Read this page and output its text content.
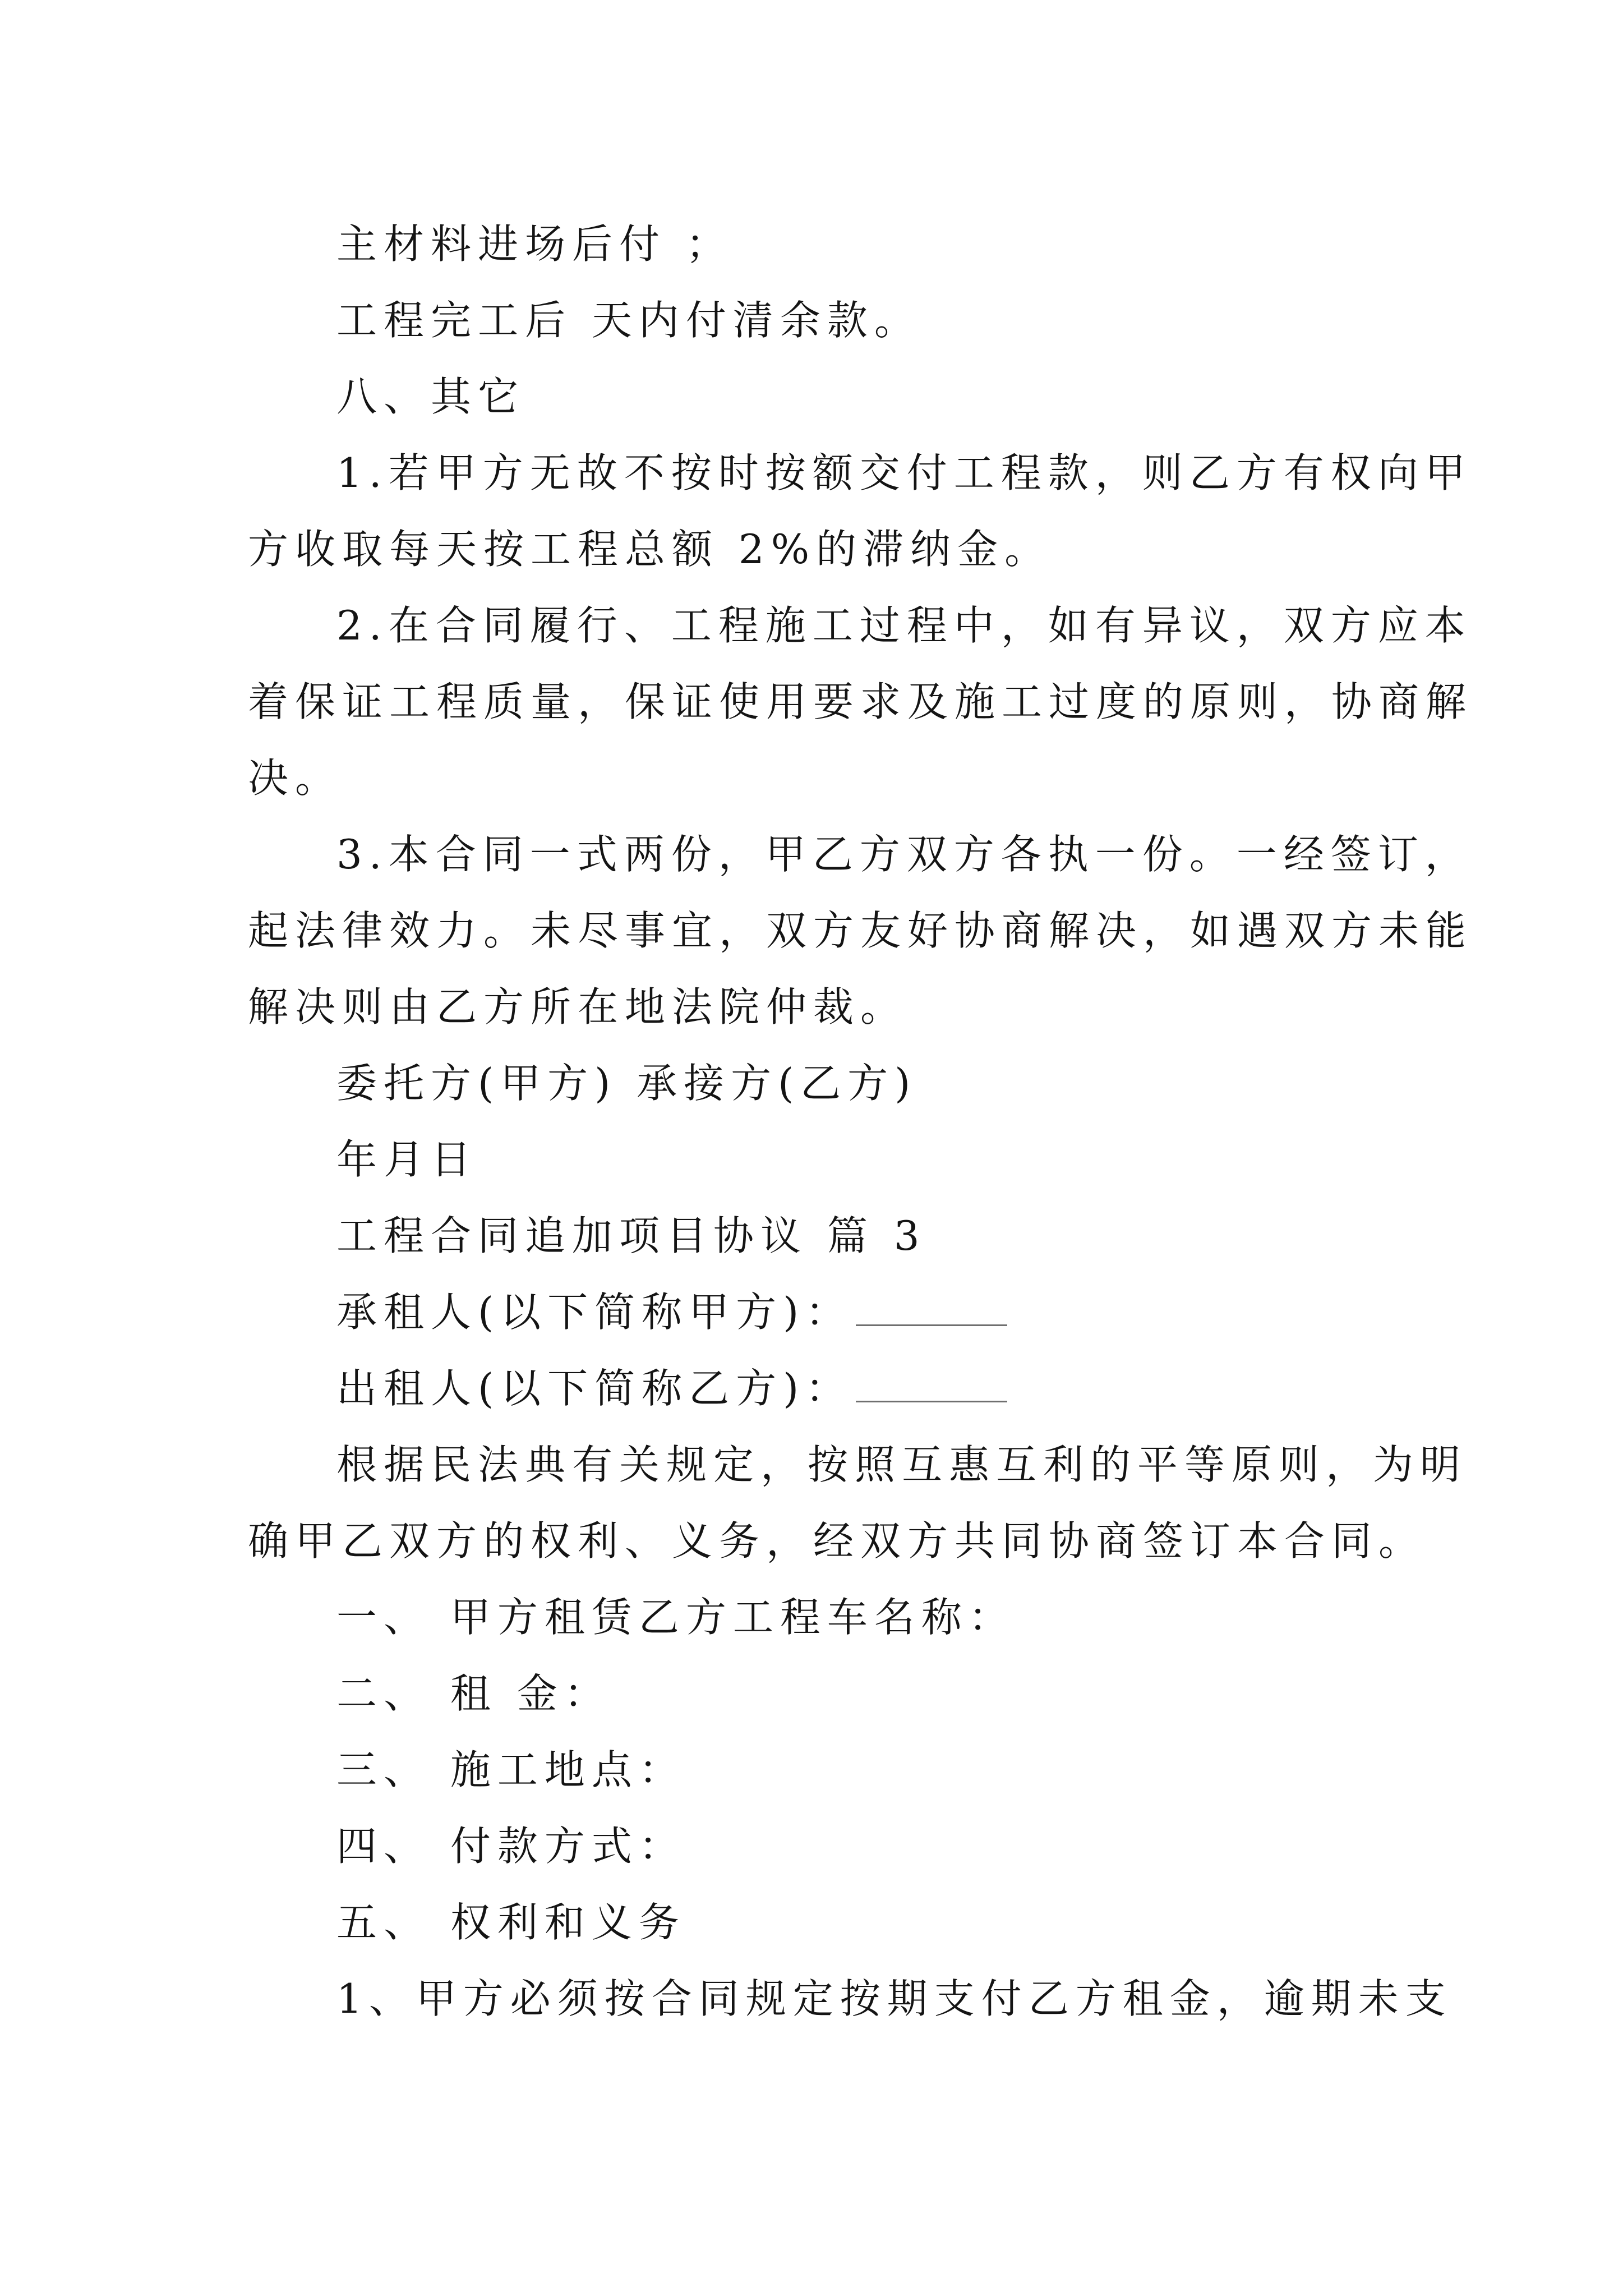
主材料进场后付 ；
工程完工后 天内付清余款。
八、其它
1.若甲方无故不按时按额交付工程款，则乙方有权向甲
方收取每天按工程总额 2%的滞纳金。
2.在合同履行、工程施工过程中，如有异议，双方应本
着保证工程质量，保证使用要求及施工过度的原则，协商解
决。
3.本合同一式两份，甲乙方双方各执一份。一经签订，
起法律效力。未尽事宜，双方友好协商解决，如遇双方未能
解决则由乙方所在地法院仲裁。
委托方(甲方) 承接方(乙方)
年月日
工程合同追加项目协议 篇 3
承租人(以下简称甲方)：
出租人(以下简称乙方)：
根据民法典有关规定，按照互惠互利的平等原则，为明
确甲乙双方的权利、义务，经双方共同协商签订本合同。
一、 甲方租赁乙方工程车名称：
二、 租 金：
三、 施工地点：
四、 付款方式：
五、 权利和义务
1、甲方必须按合同规定按期支付乙方租金，逾期未支
